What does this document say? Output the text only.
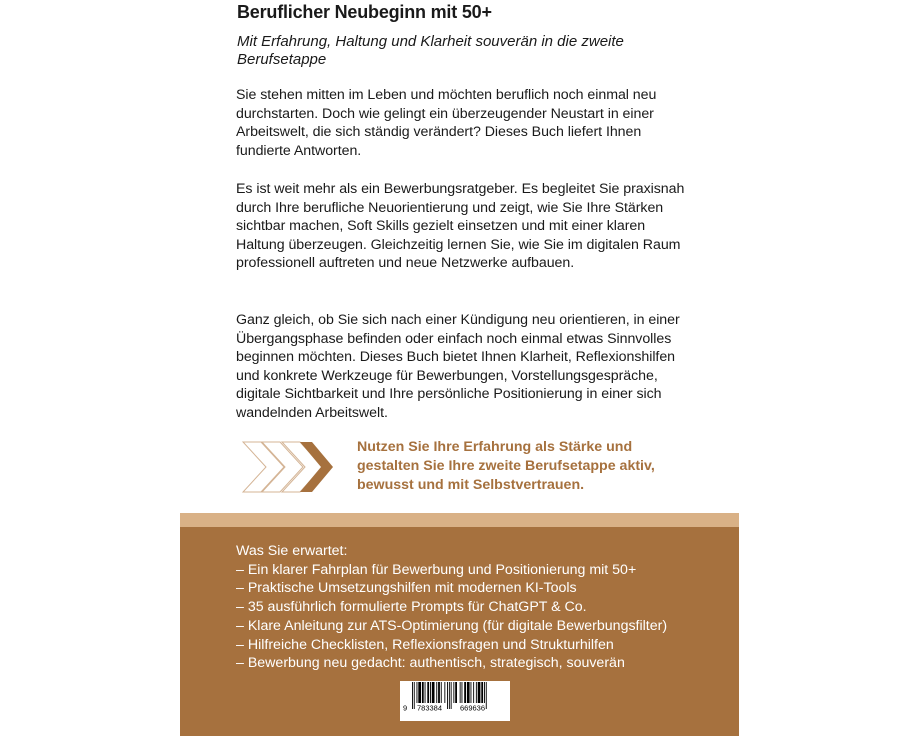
Beruflicher Neubeginn mit 50+
Mit Erfahrung, Haltung und Klarheit souverän in die zweite Berufsetappe
Sie stehen mitten im Leben und möchten beruflich noch einmal neu durchstarten. Doch wie gelingt ein überzeugender Neustart in einer Arbeitswelt, die sich ständig verändert? Dieses Buch liefert Ihnen fundierte Antworten.
Es ist weit mehr als ein Bewerbungsratgeber. Es begleitet Sie praxisnah durch Ihre berufliche Neuorientierung und zeigt, wie Sie Ihre Stärken sichtbar machen, Soft Skills gezielt einsetzen und mit einer klaren Haltung überzeugen. Gleichzeitig lernen Sie, wie Sie im digitalen Raum professionell auftreten und neue Netzwerke aufbauen.
Ganz gleich, ob Sie sich nach einer Kündigung neu orientieren, in einer Übergangsphase befinden oder einfach noch einmal etwas Sinnvolles beginnen möchten. Dieses Buch bietet Ihnen Klarheit, Reflexionshilfen und konkrete Werkzeuge für Bewerbungen, Vorstellungsgespräche, digitale Sichtbarkeit und Ihre persönliche Positionierung in einer sich wandelnden Arbeitswelt.
Nutzen Sie Ihre Erfahrung als Stärke und gestalten Sie Ihre zweite Berufsetappe aktiv, bewusst und mit Selbstvertrauen.
Was Sie erwartet:
– Ein klarer Fahrplan für Bewerbung und Positionierung mit 50+
– Praktische Umsetzungshilfen mit modernen KI-Tools
– 35 ausführlich formulierte Prompts für ChatGPT & Co.
– Klare Anleitung zur ATS-Optimierung (für digitale Bewerbungsfilter)
– Hilfreiche Checklisten, Reflexionsfragen und Strukturhilfen
– Bewerbung neu gedacht: authentisch, strategisch, souverän
9 783384 669636
